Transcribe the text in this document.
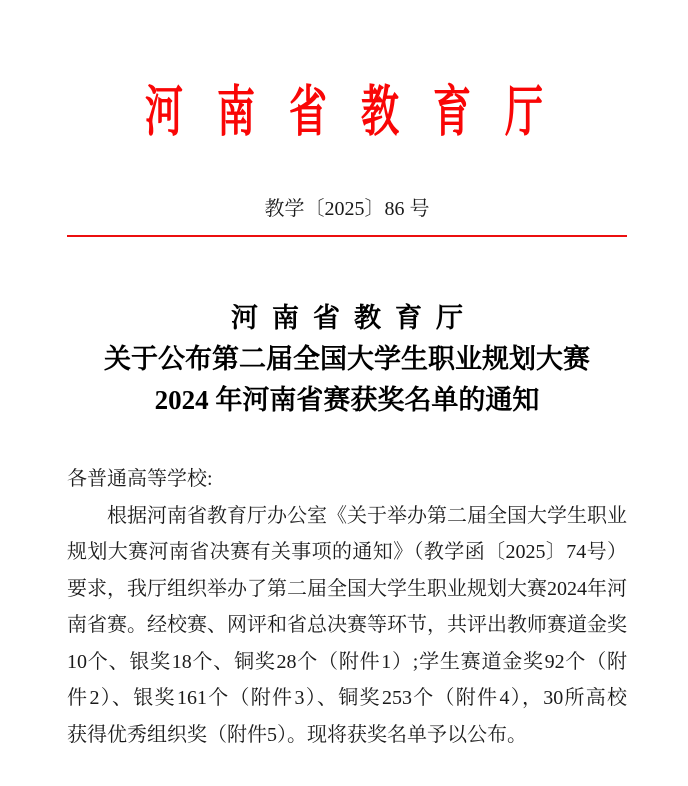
河南省教育厅
教学〔2025〕86 号
河南省教育厅
关于公布第二届全国大学生职业规划大赛
2024 年河南省赛获奖名单的通知
各普通高等学校:
根据河南省教育厅办公室《关于举办第二届全国大学生职业
规划大赛河南省决赛有关事项的通知》（教学函〔2025〕74 号）
要求，我厅组织举办了第二届全国大学生职业规划大赛 2024 年河
南省赛。经校赛、网评和省总决赛等环节，共评出教师赛道金奖
10 个、银奖 18 个、铜奖 28 个（附件 1）; 学生赛道金奖 92 个（附
件 2）、银奖 161 个（附件 3）、铜奖 253 个（附件 4），30 所高校
获得优秀组织奖（附件 5）。现将获奖名单予以公布。
